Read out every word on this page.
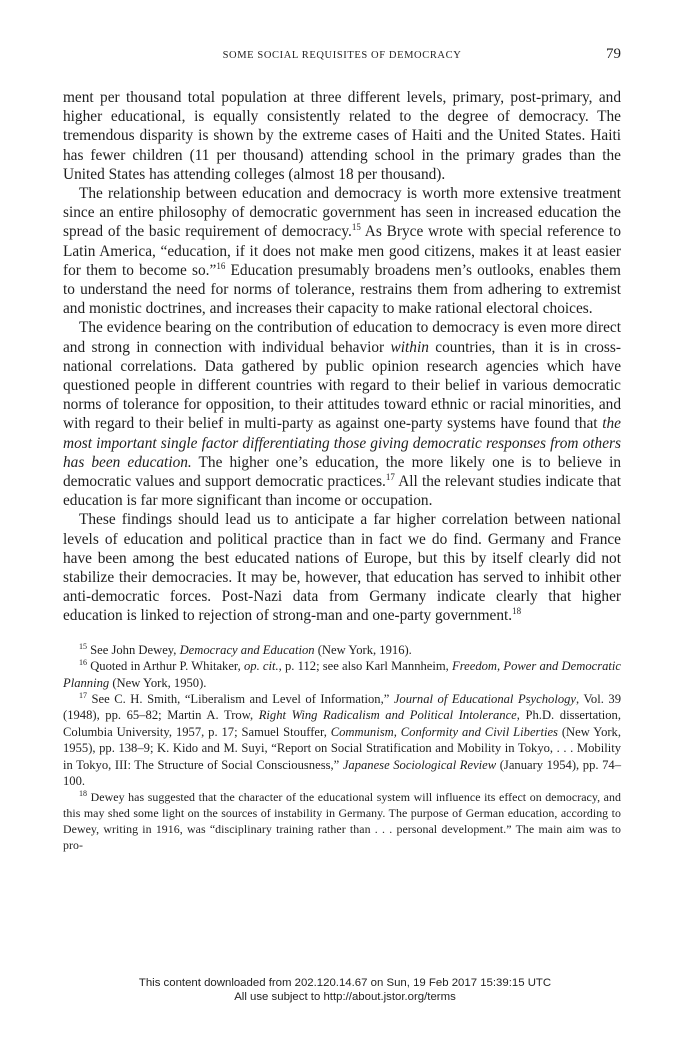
SOME SOCIAL REQUISITES OF DEMOCRACY	79

ment per thousand total population at three different levels, primary, post-primary, and higher educational, is equally consistently related to the degree of democracy. The tremendous disparity is shown by the extreme cases of Haiti and the United States. Haiti has fewer children (11 per thousand) attending school in the primary grades than the United States has attending colleges (almost 18 per thousand).

The relationship between education and democracy is worth more extensive treatment since an entire philosophy of democratic government has seen in increased education the spread of the basic requirement of democracy.$^{15}$ As Bryce wrote with special reference to Latin America, “education, if it does not make men good citizens, makes it at least easier for them to become so.”$^{16}$ Education presumably broadens men’s outlooks, enables them to understand the need for norms of tolerance, restrains them from adhering to extremist and monistic doctrines, and increases their capacity to make rational electoral choices.

The evidence bearing on the contribution of education to democracy is even more direct and strong in connection with individual behavior within countries, than it is in cross-national correlations. Data gathered by public opinion research agencies which have questioned people in different countries with regard to their belief in various democratic norms of tolerance for opposition, to their attitudes toward ethnic or racial minorities, and with regard to their belief in multi-party as against one-party systems have found that the most important single factor differentiating those giving democratic responses from others has been education. The higher one’s education, the more likely one is to believe in democratic values and support democratic practices.$^{17}$ All the relevant studies indicate that education is far more significant than income or occupation.

These findings should lead us to anticipate a far higher correlation between national levels of education and political practice than in fact we do find. Germany and France have been among the best educated nations of Europe, but this by itself clearly did not stabilize their democracies. It may be, however, that education has served to inhibit other anti-democratic forces. Post-Nazi data from Germany indicate clearly that higher education is linked to rejection of strong-man and one-party government.$^{18}$

$^{15}$ See John Dewey, Democracy and Education (New York, 1916).

$^{16}$ Quoted in Arthur P. Whitaker, op. cit., p. 112; see also Karl Mannheim, Freedom, Power and Democratic Planning (New York, 1950).

$^{17}$ See C. H. Smith, “Liberalism and Level of Information,” Journal of Educational Psychology, Vol. 39 (1948), pp. 65–82; Martin A. Trow, Right Wing Radicalism and Political Intolerance, Ph.D. dissertation, Columbia University, 1957, p. 17; Samuel Stouffer, Communism, Conformity and Civil Liberties (New York, 1955), pp. 138–9; K. Kido and M. Suyi, “Report on Social Stratification and Mobility in Tokyo, . . . Mobility in Tokyo, III: The Structure of Social Consciousness,” Japanese Sociological Review (January 1954), pp. 74–100.

$^{18}$ Dewey has suggested that the character of the educational system will influence its effect on democracy, and this may shed some light on the sources of instability in Germany. The purpose of German education, according to Dewey, writing in 1916, was “disciplinary training rather than . . . personal development.” The main aim was to pro-

This content downloaded from 202.120.14.67 on Sun, 19 Feb 2017 15:39:15 UTC
All use subject to http://about.jstor.org/terms
